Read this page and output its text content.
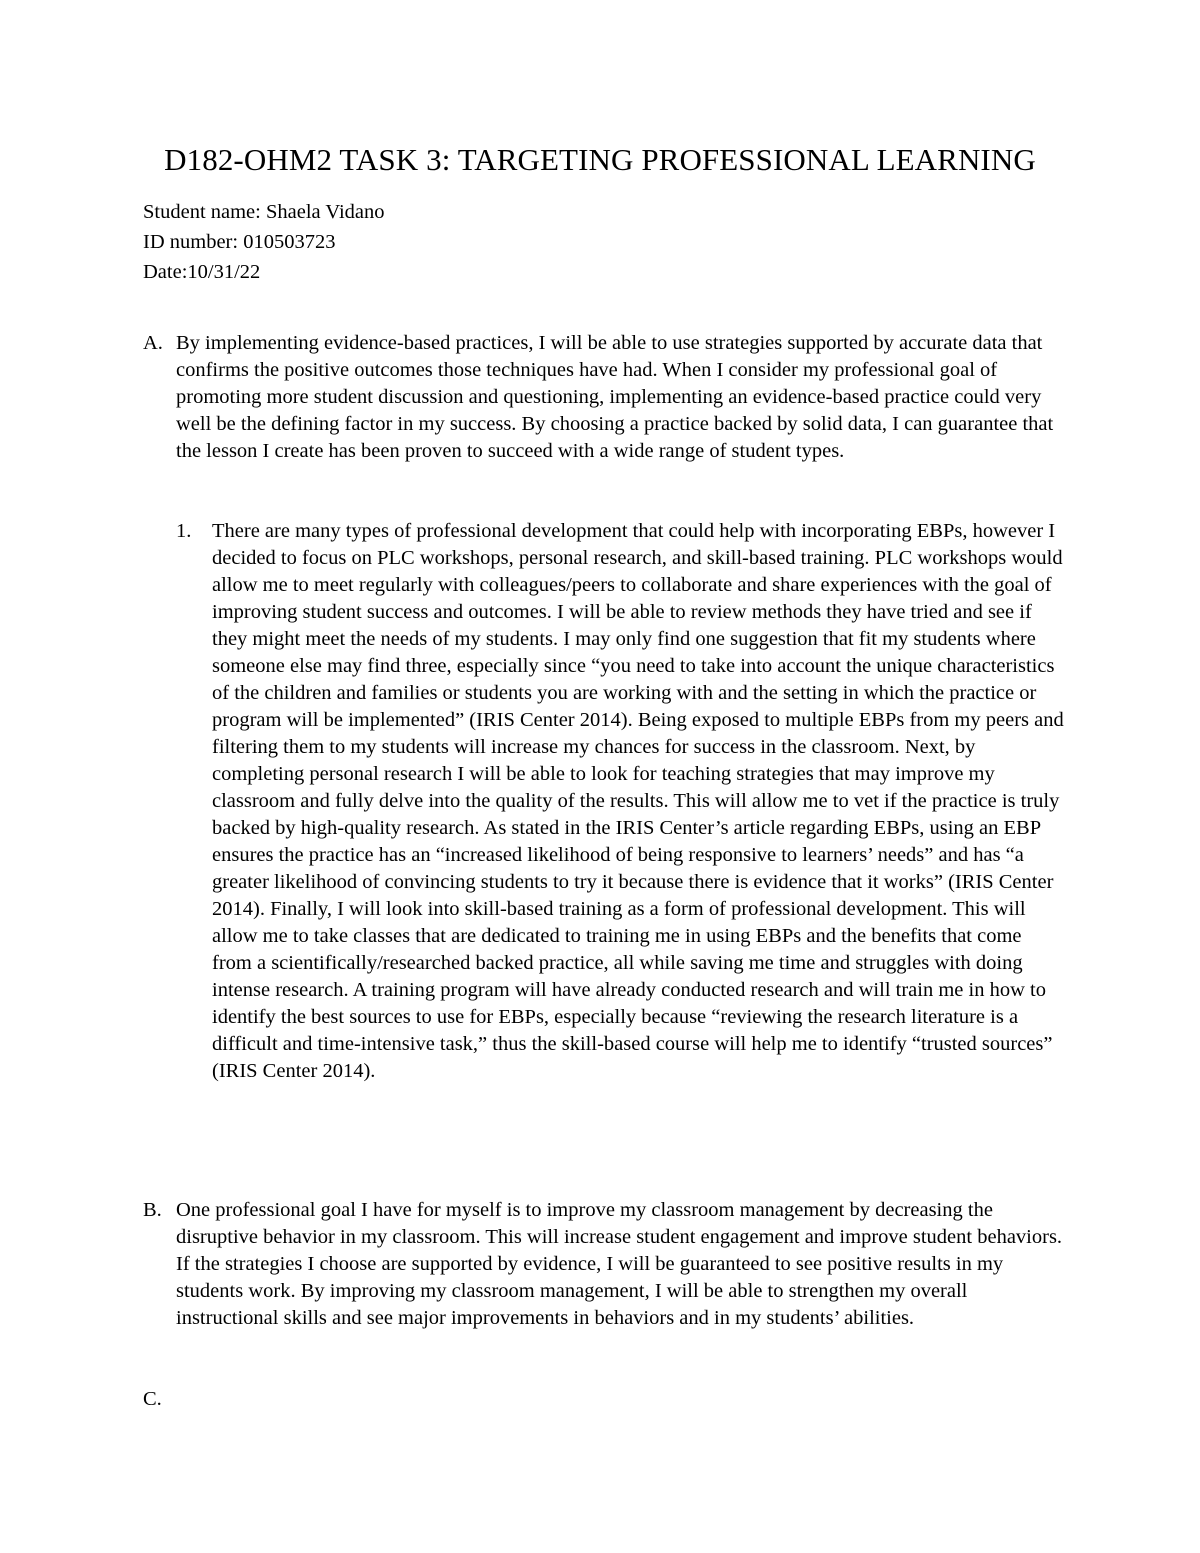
D182-OHM2 TASK 3: TARGETING PROFESSIONAL LEARNING
Student name: Shaela Vidano
ID number: 010503723
Date:10/31/22
A. By implementing evidence-based practices, I will be able to use strategies supported by accurate data that confirms the positive outcomes those techniques have had. When I consider my professional goal of promoting more student discussion and questioning, implementing an evidence-based practice could very well be the defining factor in my success. By choosing a practice backed by solid data, I can guarantee that the lesson I create has been proven to succeed with a wide range of student types.
1. There are many types of professional development that could help with incorporating EBPs, however I decided to focus on PLC workshops, personal research, and skill-based training. PLC workshops would allow me to meet regularly with colleagues/peers to collaborate and share experiences with the goal of improving student success and outcomes. I will be able to review methods they have tried and see if they might meet the needs of my students. I may only find one suggestion that fit my students where someone else may find three, especially since “you need to take into account the unique characteristics of the children and families or students you are working with and the setting in which the practice or program will be implemented” (IRIS Center 2014). Being exposed to multiple EBPs from my peers and filtering them to my students will increase my chances for success in the classroom. Next, by completing personal research I will be able to look for teaching strategies that may improve my classroom and fully delve into the quality of the results. This will allow me to vet if the practice is truly backed by high-quality research. As stated in the IRIS Center’s article regarding EBPs, using an EBP ensures the practice has an “increased likelihood of being responsive to learners’ needs” and has “a greater likelihood of convincing students to try it because there is evidence that it works” (IRIS Center 2014). Finally, I will look into skill-based training as a form of professional development. This will allow me to take classes that are dedicated to training me in using EBPs and the benefits that come from a scientifically/researched backed practice, all while saving me time and struggles with doing intense research. A training program will have already conducted research and will train me in how to identify the best sources to use for EBPs, especially because “reviewing the research literature is a difficult and time-intensive task,” thus the skill-based course will help me to identify “trusted sources” (IRIS Center 2014).
B. One professional goal I have for myself is to improve my classroom management by decreasing the disruptive behavior in my classroom. This will increase student engagement and improve student behaviors. If the strategies I choose are supported by evidence, I will be guaranteed to see positive results in my students work. By improving my classroom management, I will be able to strengthen my overall instructional skills and see major improvements in behaviors and in my students’ abilities.
C.
